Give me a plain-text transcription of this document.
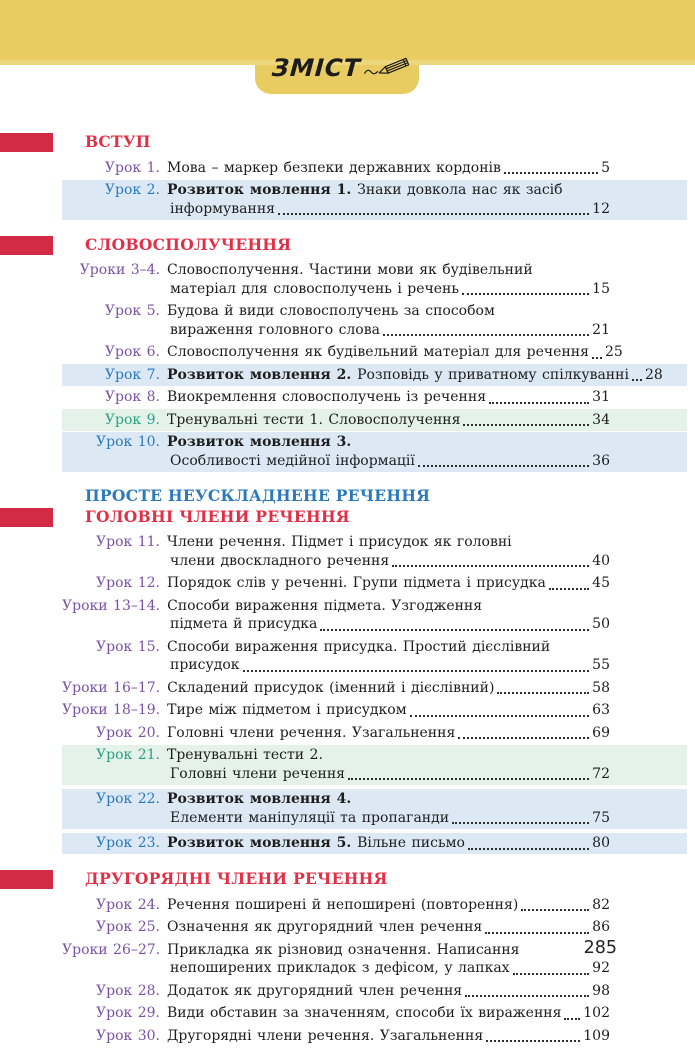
ЗМІСТ
ВСТУП
Урок 1. Мова – маркер безпеки державних кордонів	5
Урок 2. Розвиток мовлення 1. Знаки довкола нас як засіб
інформування	12
СЛОВОСПОЛУЧЕННЯ
Уроки 3–4. Словосполучення. Частини мови як будівельний
матеріал для словосполучень і речень	15
Урок 5. Будова й види словосполучень за способом
вираження головного слова	21
Урок 6. Словосполучення як будівельний матеріал для речення 25
Урок 7. Розвиток мовлення 2. Розповідь у приватному спілкуванні 28
Урок 8. Виокремлення словосполучень із речення	31
Урок 9. Тренувальні тести 1. Словосполучення	34
Урок 10. Розвиток мовлення 3.
Особливості медійної інформації	36
ПРОСТЕ НЕУСКЛАДНЕНЕ РЕЧЕННЯ
ГОЛОВНІ ЧЛЕНИ РЕЧЕННЯ
Урок 11. Члени речення. Підмет і присудок як головні
члени двоскладного речення	40
Урок 12. Порядок слів у реченні. Групи підмета і присудка	45
Уроки 13–14. Способи вираження підмета. Узгодження
підмета й присудка	50
Урок 15. Способи вираження присудка. Простий дієслівний
присудок	55
Уроки 16–17. Складений присудок (іменний і дієслівний)	58
Уроки 18–19. Тире між підметом і присудком	63
Урок 20. Головні члени речення. Узагальнення	69
Урок 21. Тренувальні тести 2.
Головні члени речення	72
Урок 22. Розвиток мовлення 4.
Елементи маніпуляції та пропаганди	75
Урок 23. Розвиток мовлення 5. Вільне письмо	80
ДРУГОРЯДНІ ЧЛЕНИ РЕЧЕННЯ
Урок 24. Речення поширені й непоширені (повторення)	82
Урок 25. Означення як другорядний член речення	86
Уроки 26–27. Прикладка як різновид означення. Написання
непоширених прикладок з дефісом, у лапках	92
Урок 28. Додаток як другорядний член речення	98
Урок 29. Види обставин за значенням, способи їх вираження 102
Урок 30. Другорядні члени речення. Узагальнення	109
285
